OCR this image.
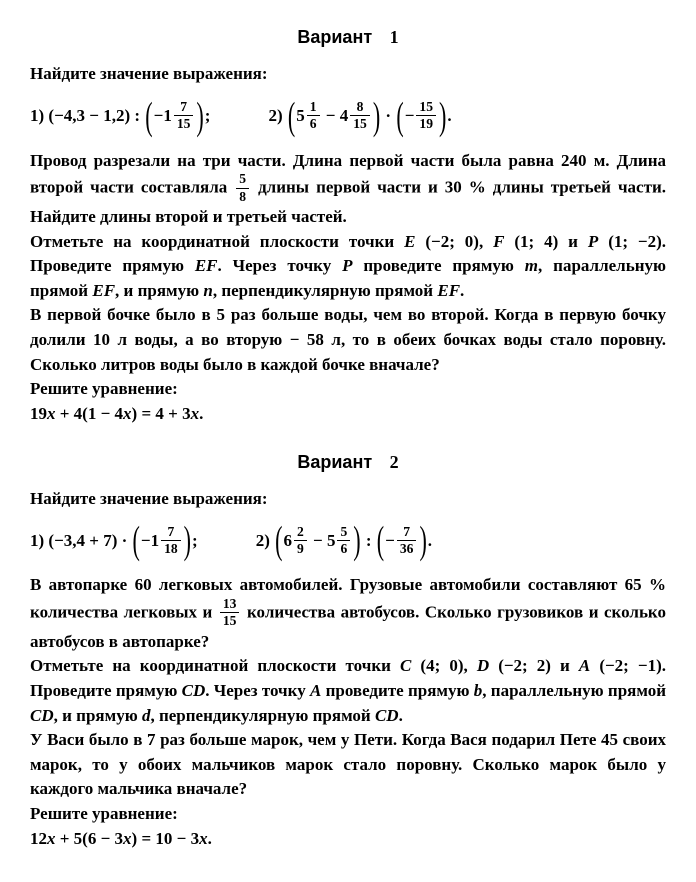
Вариант 1

Найдите значение выражения:

1) (−4,3 − 1,2) : ( $-1 \frac{7}{15}$ ) ;	2) ( $5 \frac{1}{6} - 4 \frac{8}{15}$ ) · ( − $\frac{15}{19}$ ) .

Провод разрезали на три части. Длина первой части была равна 240 м. Длина второй части составляла $\frac{5}{8}$ длины первой части и 30 % длины третьей части. Найдите длины второй и третьей частей.

Отметьте на координатной плоскости точки E (−2; 0), F (1; 4) и P (1; −2). Проведите прямую EF. Через точку P проведите прямую m, параллельную прямой EF, и прямую n, перпендикулярную прямой EF.

В первой бочке было в 5 раз больше воды, чем во второй. Когда в первую бочку долили 10 л воды, а во вторую − 58 л, то в обеих бочках воды стало поровну. Сколько литров воды было в каждой бочке вначале?

Решите уравнение:

19x + 4(1 − 4x) = 4 + 3x.

Вариант 2

Найдите значение выражения:

1) (−3,4 + 7) · ( $-1 \frac{7}{18}$ ) ;	2) ( $6 \frac{2}{9} - 5 \frac{5}{6}$ ) : ( − $\frac{7}{36}$ ) .

В автопарке 60 легковых автомобилей. Грузовые автомобили составляют 65 % количества легковых и $\frac{13}{15}$ количества автобусов. Сколько грузовиков и сколько автобусов в автопарке?

Отметьте на координатной плоскости точки C (4; 0), D (−2; 2) и A (−2; −1). Проведите прямую CD. Через точку A проведите прямую b, параллельную прямой CD, и прямую d, перпендикулярную прямой CD.

У Васи было в 7 раз больше марок, чем у Пети. Когда Вася подарил Пете 45 своих марок, то у обоих мальчиков марок стало поровну. Сколько марок было у каждого мальчика вначале?

Решите уравнение:

12x + 5(6 − 3x) = 10 − 3x.
